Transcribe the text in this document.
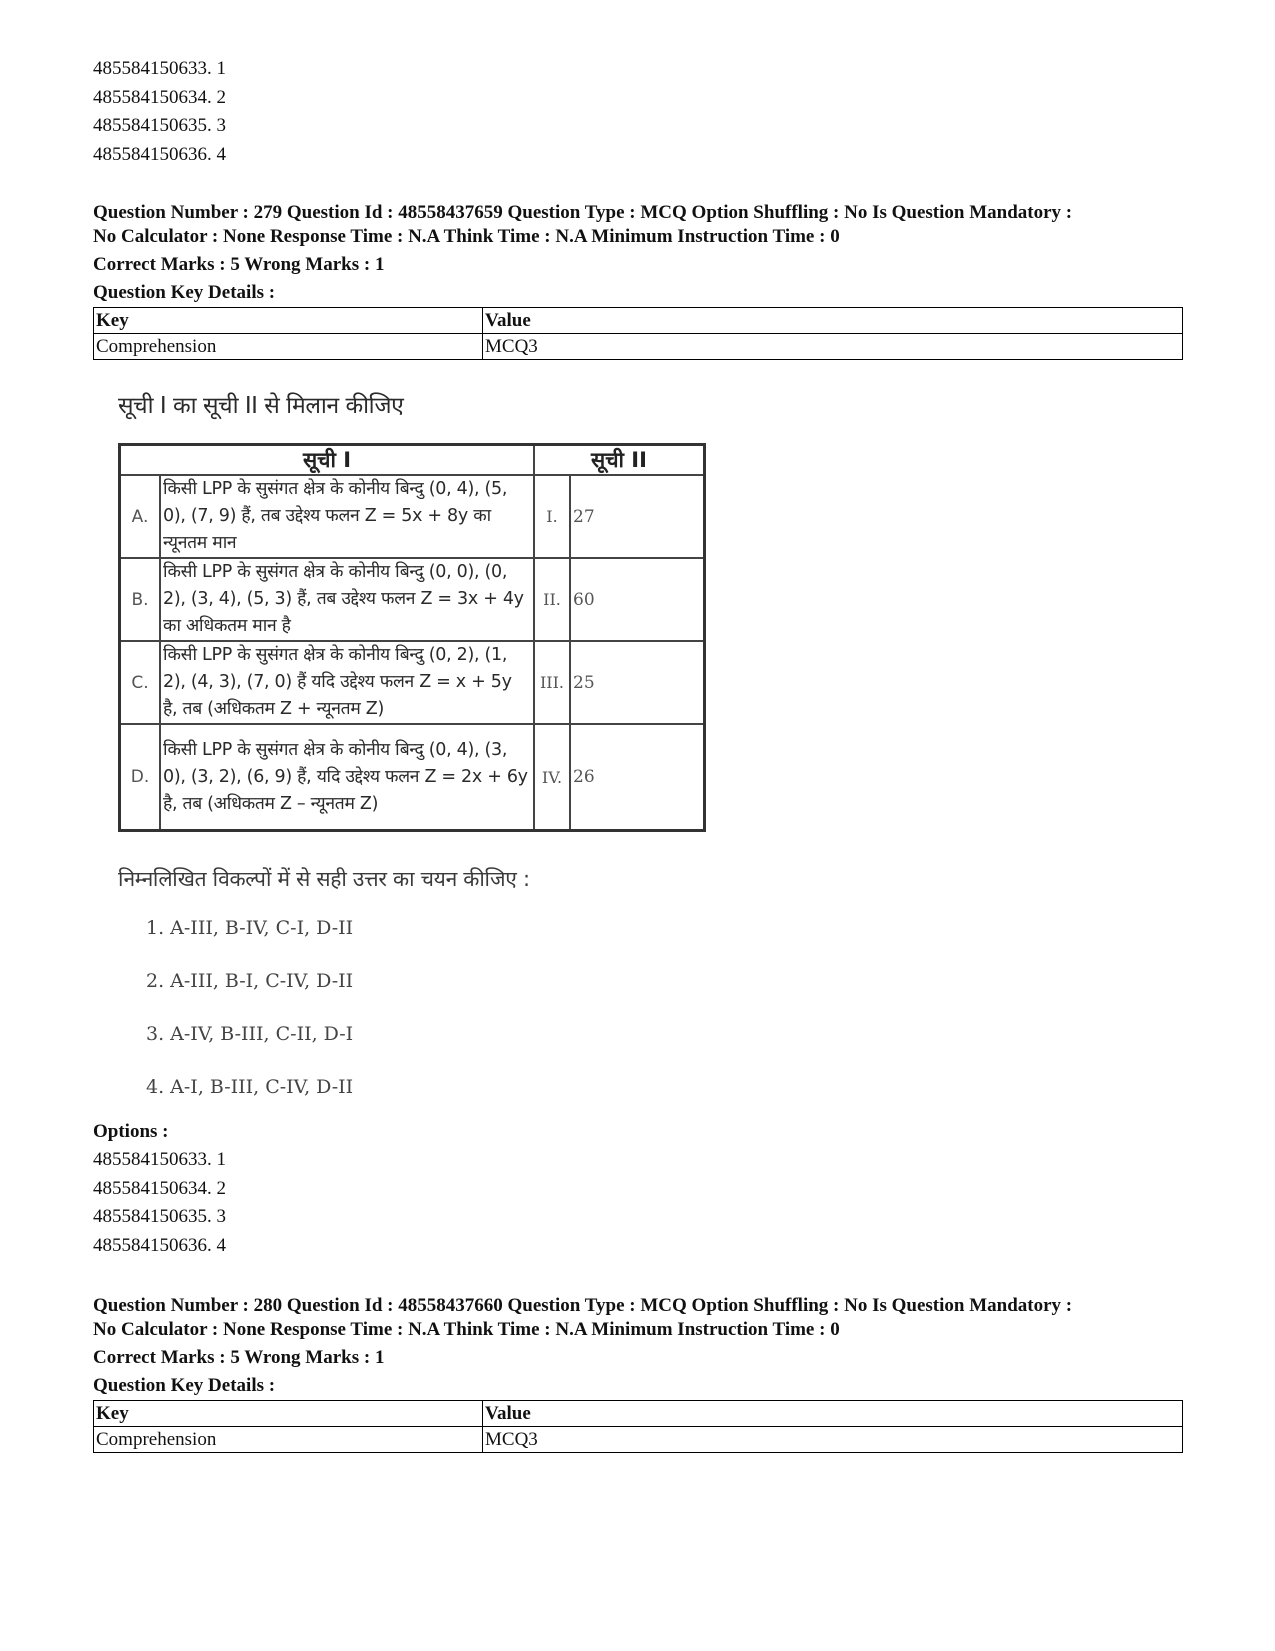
485584150633. 1
485584150634. 2
485584150635. 3
485584150636. 4
Question Number : 279 Question Id : 48558437659 Question Type : MCQ Option Shuffling : No Is Question Mandatory :
No Calculator : None Response Time : N.A Think Time : N.A Minimum Instruction Time : 0
Correct Marks : 5 Wrong Marks : 1
Question Key Details :
Key	Value
Comprehension	MCQ3
सूची I का सूची II से मिलान कीजिए
सूची I		सूची II	
A.	किसी LPP के सुसंगत क्षेत्र के कोनीय बिन्दु (0, 4), (5, 0), (7, 9) हैं, तब उद्देश्य फलन Z = 5x + 8y का न्यूनतम मान	I.	27
B.	किसी LPP के सुसंगत क्षेत्र के कोनीय बिन्दु (0, 0), (0, 2), (3, 4), (5, 3) हैं, तब उद्देश्य फलन Z = 3x + 4y का अधिकतम मान है	II.	60
C.	किसी LPP के सुसंगत क्षेत्र के कोनीय बिन्दु (0, 2), (1, 2), (4, 3), (7, 0) हैं यदि उद्देश्य फलन Z = x + 5y है, तब (अधिकतम Z + न्यूनतम Z)	III.	25
D.	किसी LPP के सुसंगत क्षेत्र के कोनीय बिन्दु (0, 4), (3, 0), (3, 2), (6, 9) हैं, यदि उद्देश्य फलन Z = 2x + 6y है, तब (अधिकतम Z – न्यूनतम Z)	IV.	26
निम्नलिखित विकल्पों में से सही उत्तर का चयन कीजिए :
1. A-III, B-IV, C-I, D-II
2. A-III, B-I, C-IV, D-II
3. A-IV, B-III, C-II, D-I
4. A-I, B-III, C-IV, D-II
Options :
485584150633. 1
485584150634. 2
485584150635. 3
485584150636. 4
Question Number : 280 Question Id : 48558437660 Question Type : MCQ Option Shuffling : No Is Question Mandatory :
No Calculator : None Response Time : N.A Think Time : N.A Minimum Instruction Time : 0
Correct Marks : 5 Wrong Marks : 1
Question Key Details :
Key	Value
Comprehension	MCQ3
